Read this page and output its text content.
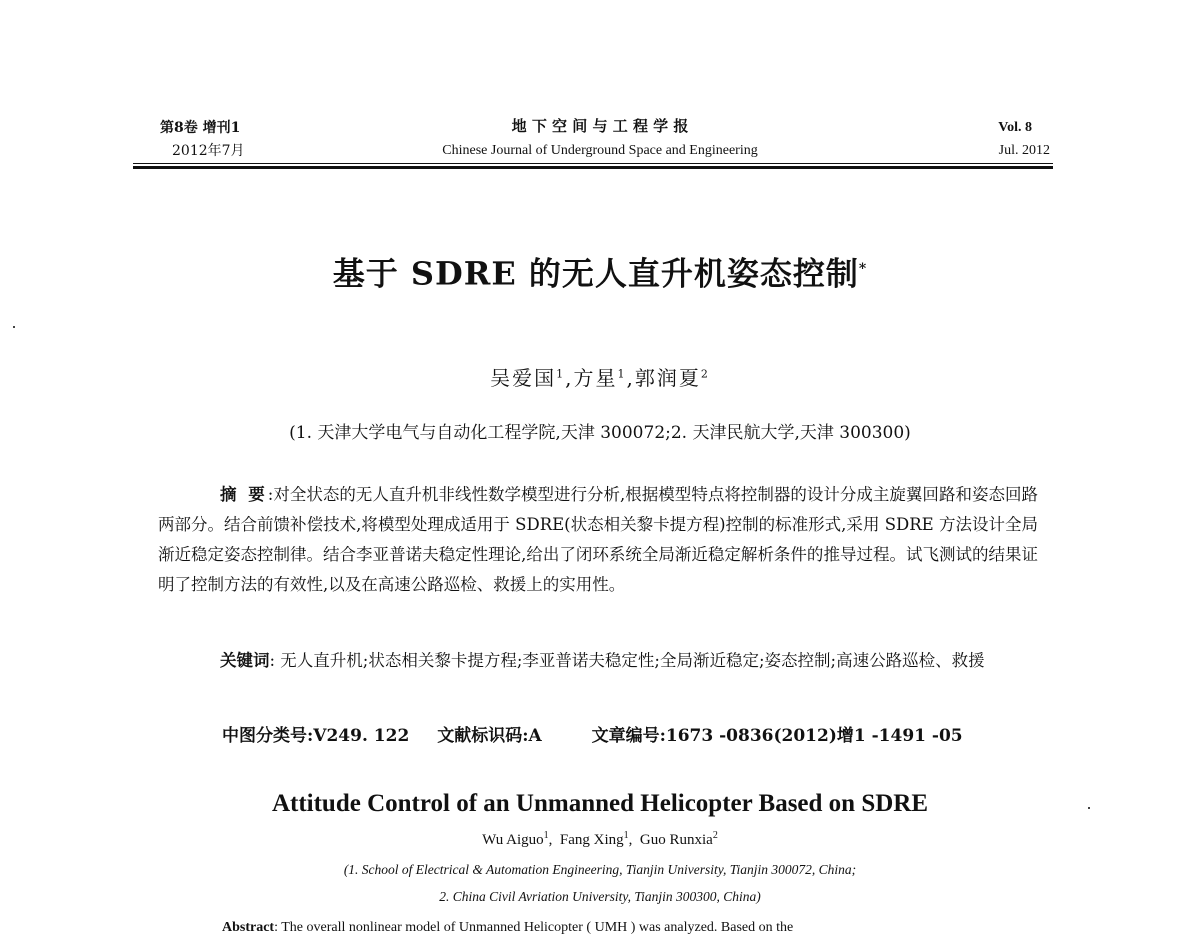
第8卷 增刊1
2012年7月
地 下 空 间 与 工 程 学 报
Chinese Journal of Underground Space and Engineering
Vol. 8
Jul. 2012
基于 SDRE 的无人直升机姿态控制*
吴爱国$^1$,方星$^1$,郭润夏$^2$
(1. 天津大学电气与自动化工程学院,天津 300072;2. 天津民航大学,天津 300300)
摘 要:对全状态的无人直升机非线性数学模型进行分析,根据模型特点将控制器的设计分成主旋翼回路和姿态回路两部分。结合前馈补偿技术,将模型处理成适用于 SDRE(状态相关黎卡提方程)控制的标准形式,采用 SDRE 方法设计全局渐近稳定姿态控制律。结合李亚普诺夫稳定性理论,给出了闭环系统全局渐近稳定解析条件的推导过程。试飞测试的结果证明了控制方法的有效性,以及在高速公路巡检、救援上的实用性。
关键词: 无人直升机;状态相关黎卡提方程;李亚普诺夫稳定性;全局渐近稳定;姿态控制;高速公路巡检、救援
中图分类号:V249. 122 文献标识码:A	文章编号:1673 -0836(2012)增1 -1491 -05
Attitude Control of an Unmanned Helicopter Based on SDRE
Wu Aiguo$^1$,  Fang Xing$^1$,  Guo Runxia$^2$
(1. School of Electrical & Automation Engineering, Tianjin University, Tianjin 300072, China;
2. China Civil Avriation University, Tianjin 300300, China)
Abstract: The overall nonlinear model of Unmanned Helicopter ( UMH ) was analyzed. Based on the
